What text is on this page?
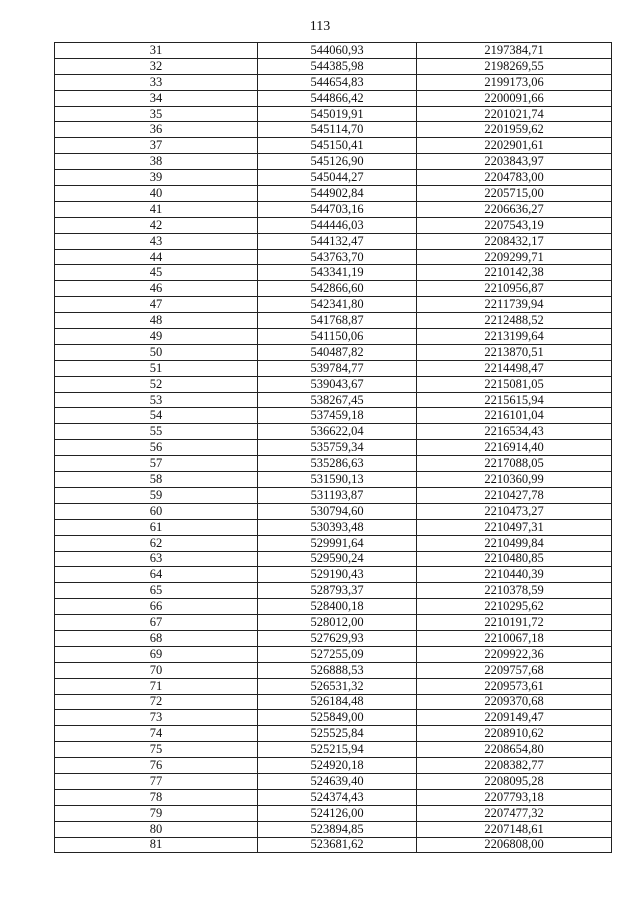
113
31	544060,93	2197384,71
32	544385,98	2198269,55
33	544654,83	2199173,06
34	544866,42	2200091,66
35	545019,91	2201021,74
36	545114,70	2201959,62
37	545150,41	2202901,61
38	545126,90	2203843,97
39	545044,27	2204783,00
40	544902,84	2205715,00
41	544703,16	2206636,27
42	544446,03	2207543,19
43	544132,47	2208432,17
44	543763,70	2209299,71
45	543341,19	2210142,38
46	542866,60	2210956,87
47	542341,80	2211739,94
48	541768,87	2212488,52
49	541150,06	2213199,64
50	540487,82	2213870,51
51	539784,77	2214498,47
52	539043,67	2215081,05
53	538267,45	2215615,94
54	537459,18	2216101,04
55	536622,04	2216534,43
56	535759,34	2216914,40
57	535286,63	2217088,05
58	531590,13	2210360,99
59	531193,87	2210427,78
60	530794,60	2210473,27
61	530393,48	2210497,31
62	529991,64	2210499,84
63	529590,24	2210480,85
64	529190,43	2210440,39
65	528793,37	2210378,59
66	528400,18	2210295,62
67	528012,00	2210191,72
68	527629,93	2210067,18
69	527255,09	2209922,36
70	526888,53	2209757,68
71	526531,32	2209573,61
72	526184,48	2209370,68
73	525849,00	2209149,47
74	525525,84	2208910,62
75	525215,94	2208654,80
76	524920,18	2208382,77
77	524639,40	2208095,28
78	524374,43	2207793,18
79	524126,00	2207477,32
80	523894,85	2207148,61
81	523681,62	2206808,00
